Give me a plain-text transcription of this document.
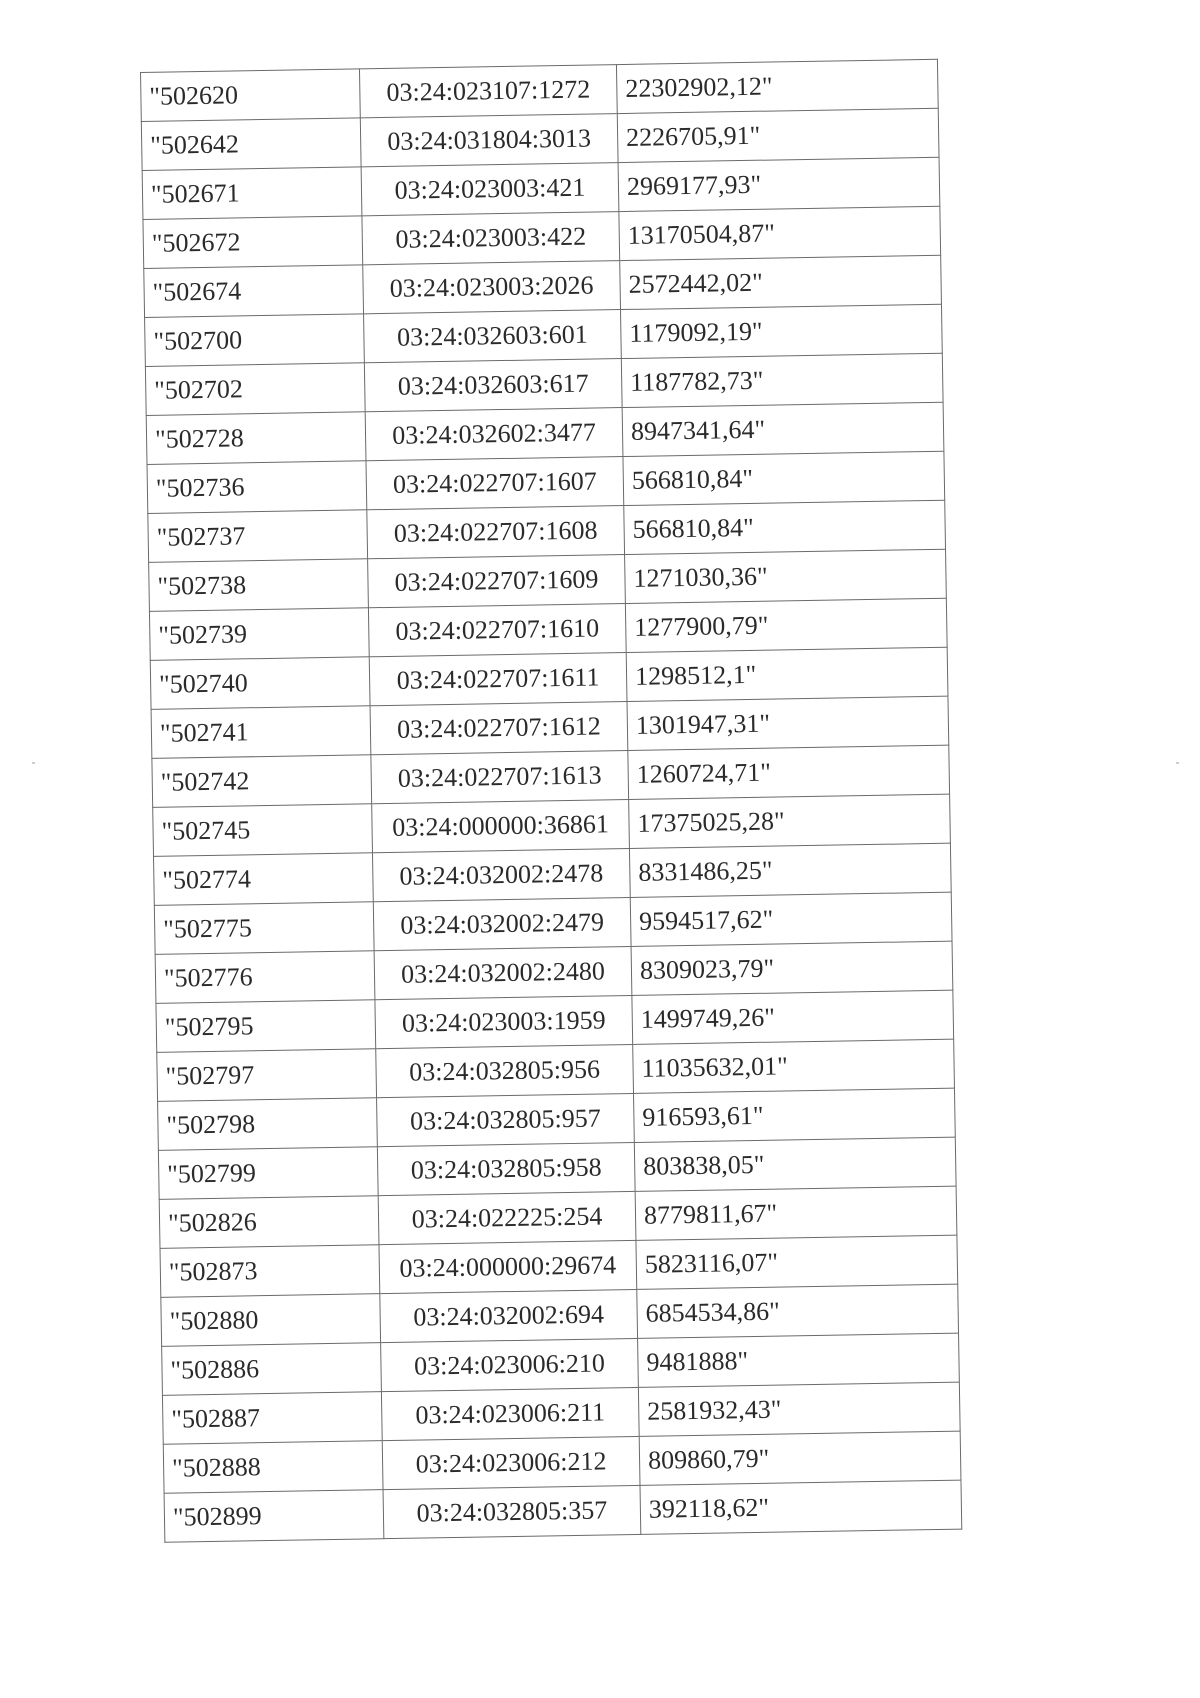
"502620	03:24:023107:1272	22302902,12"
"502642	03:24:031804:3013	2226705,91"
"502671	03:24:023003:421	2969177,93"
"502672	03:24:023003:422	13170504,87"
"502674	03:24:023003:2026	2572442,02"
"502700	03:24:032603:601	1179092,19"
"502702	03:24:032603:617	1187782,73"
"502728	03:24:032602:3477	8947341,64"
"502736	03:24:022707:1607	566810,84"
"502737	03:24:022707:1608	566810,84"
"502738	03:24:022707:1609	1271030,36"
"502739	03:24:022707:1610	1277900,79"
"502740	03:24:022707:1611	1298512,1"
"502741	03:24:022707:1612	1301947,31"
"502742	03:24:022707:1613	1260724,71"
"502745	03:24:000000:36861	17375025,28"
"502774	03:24:032002:2478	8331486,25"
"502775	03:24:032002:2479	9594517,62"
"502776	03:24:032002:2480	8309023,79"
"502795	03:24:023003:1959	1499749,26"
"502797	03:24:032805:956	11035632,01"
"502798	03:24:032805:957	916593,61"
"502799	03:24:032805:958	803838,05"
"502826	03:24:022225:254	8779811,67"
"502873	03:24:000000:29674	5823116,07"
"502880	03:24:032002:694	6854534,86"
"502886	03:24:023006:210	9481888"
"502887	03:24:023006:211	2581932,43"
"502888	03:24:023006:212	809860,79"
"502899	03:24:032805:357	392118,62"
